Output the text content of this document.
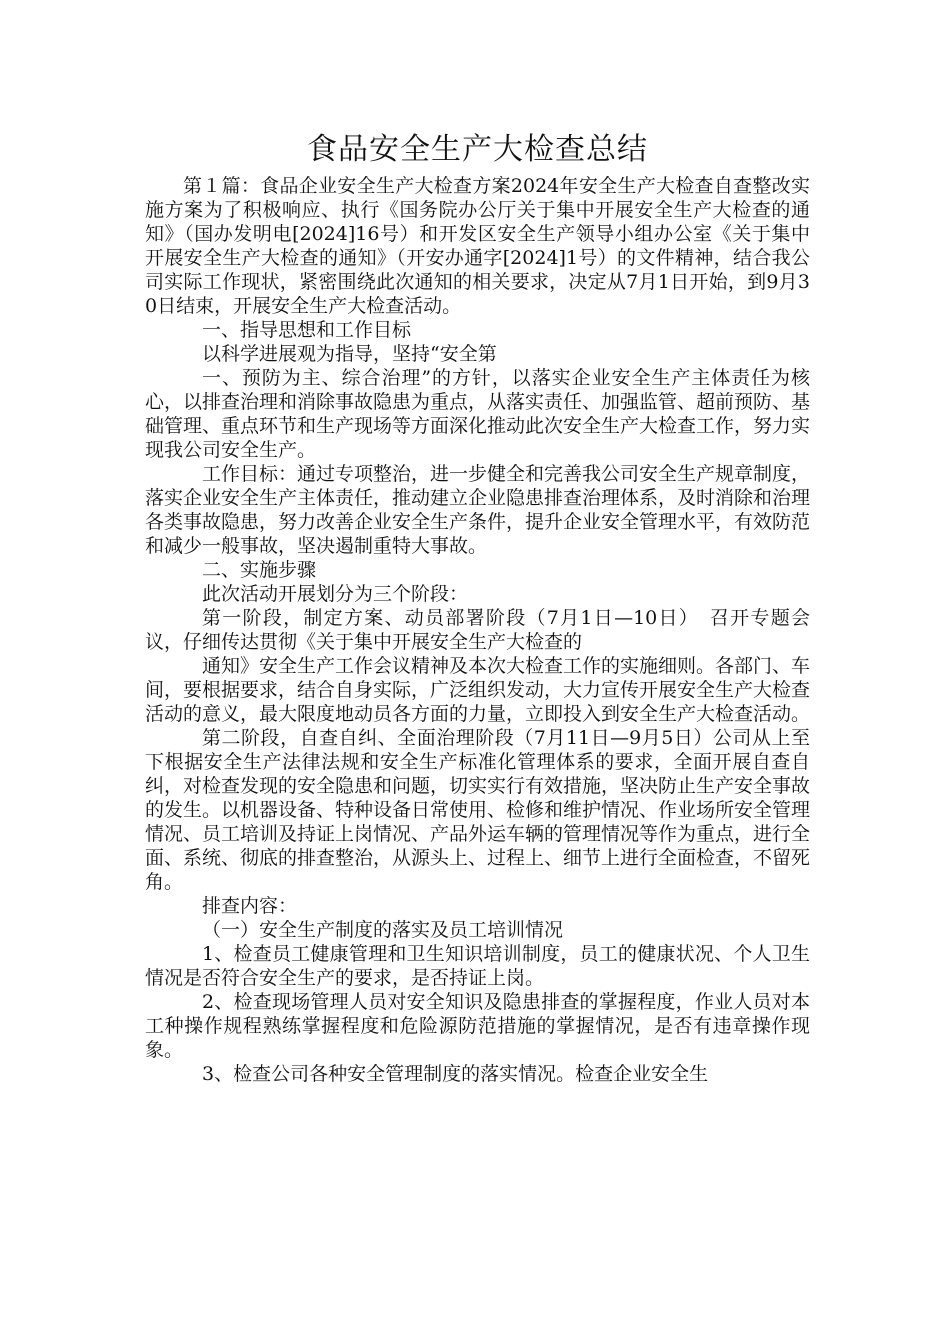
食品安全生产大检查总结

第１篇：食品企业安全生产大检查方案2024年安全生产大检查自查整改实施方案为了积极响应、执行《国务院办公厅关于集中开展安全生产大检查的通知》（国办发明电[2024]16号）和开发区安全生产领导小组办公室《关于集中开展安全生产大检查的通知》（开安办通字[2024]1号）的文件精神，结合我公司实际工作现状，紧密围绕此次通知的相关要求，决定从7月1日开始，到9月30日结束，开展安全生产大检查活动。

一、指导思想和工作目标

以科学进展观为指导，坚持“安全第

一、预防为主、综合治理”的方针，以落实企业安全生产主体责任为核心，以排查治理和消除事故隐患为重点，从落实责任、加强监管、超前预防、基础管理、重点环节和生产现场等方面深化推动此次安全生产大检查工作，努力实现我公司安全生产。

工作目标：通过专项整治，进一步健全和完善我公司安全生产规章制度，落实企业安全生产主体责任，推动建立企业隐患排查治理体系，及时消除和治理各类事故隐患，努力改善企业安全生产条件，提升企业安全管理水平，有效防范和减少一般事故，坚决遏制重特大事故。

二、实施步骤

此次活动开展划分为三个阶段：

第一阶段，制定方案、动员部署阶段（7月1日—10日）　召开专题会议，仔细传达贯彻《关于集中开展安全生产大检查的

通知》安全生产工作会议精神及本次大检查工作的实施细则。各部门、车间，要根据要求，结合自身实际，广泛组织发动，大力宣传开展安全生产大检查活动的意义，最大限度地动员各方面的力量，立即投入到安全生产大检查活动。

第二阶段，自查自纠、全面治理阶段（7月11日—9月5日）公司从上至下根据安全生产法律法规和安全生产标准化管理体系的要求，全面开展自查自纠，对检查发现的安全隐患和问题，切实实行有效措施，坚决防止生产安全事故的发生。以机器设备、特种设备日常使用、检修和维护情况、作业场所安全管理情况、员工培训及持证上岗情况、产品外运车辆的管理情况等作为重点，进行全面、系统、彻底的排查整治，从源头上、过程上、细节上进行全面检查，不留死角。

排查内容：

（一）安全生产制度的落实及员工培训情况

1、检查员工健康管理和卫生知识培训制度，员工的健康状况、个人卫生情况是否符合安全生产的要求，是否持证上岗。

2、检查现场管理人员对安全知识及隐患排查的掌握程度，作业人员对本工种操作规程熟练掌握程度和危险源防范措施的掌握情况，是否有违章操作现象。

3、检查公司各种安全管理制度的落实情况。检查企业安全生
